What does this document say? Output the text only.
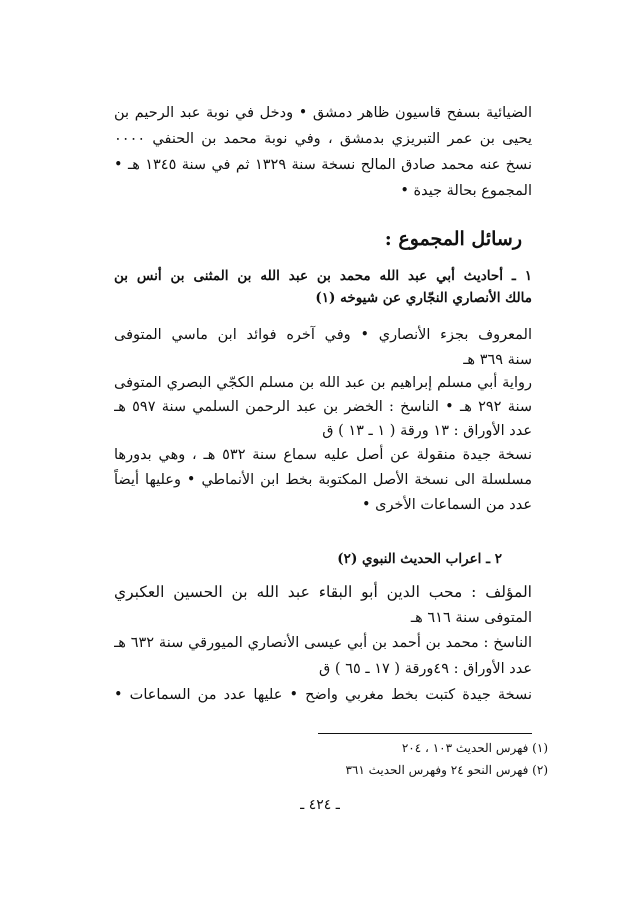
الضيائية بسفح قاسيون ظاهر دمشق • ودخل في نوبة عبد الرحيم بن
يحيى بن عمر التبريزي بدمشق ، وفي نوبة محمد بن الحنفي ٠٠٠٠
نسخ عنه محمد صادق المالح نسخة سنة ١٣٢٩ ثم في سنة ١٣٤٥ هـ •
المجموع بحالة جيدة •
رسائل المجموع :
١ ـ أحاديث أبي عبد الله محمد بن عبد الله بن المثنى بن أنس بن
مالك الأنصاري النجّاري عن شيوخه (١)
المعروف بجزء الأنصاري • وفي آخره فوائد ابن ماسي المتوفى
سنة ٣٦٩ هـ
رواية أبي مسلم إبراهيم بن عبد الله بن مسلم الكجّي البصري المتوفى
سنة ٢٩٢ هـ • الناسخ : الخضر بن عبد الرحمن السلمي سنة ٥٩٧ هـ
عدد الأوراق : ١٣ ورقة ( ١ ـ ١٣ ) ق
نسخة جيدة منقولة عن أصل عليه سماع سنة ٥٣٢ هـ ، وهي بدورها
مسلسلة الى نسخة الأصل المكتوبة بخط ابن الأنماطي • وعليها أيضاً
عدد من السماعات الأخرى •
٢ ـ اعراب الحديث النبوي (٢)
المؤلف : محب الدين أبو البقاء عبد الله بن الحسين العكبري
المتوفى سنة ٦١٦ هـ
الناسخ : محمد بن أحمد بن أبي عيسى الأنصاري الميورقي سنة ٦٣٢ هـ
عدد الأوراق : ٤٩ورقة ( ١٧ ـ ٦٥ ) ق
نسخة جيدة كتبت بخط مغربي واضح • عليها عدد من السماعات •
(١) فهرس الحديث ١٠٣ ، ٢٠٤
(٢) فهرس النحو ٢٤ وفهرس الحديث ٣٦١
ـ ٤٢٤ ـ
